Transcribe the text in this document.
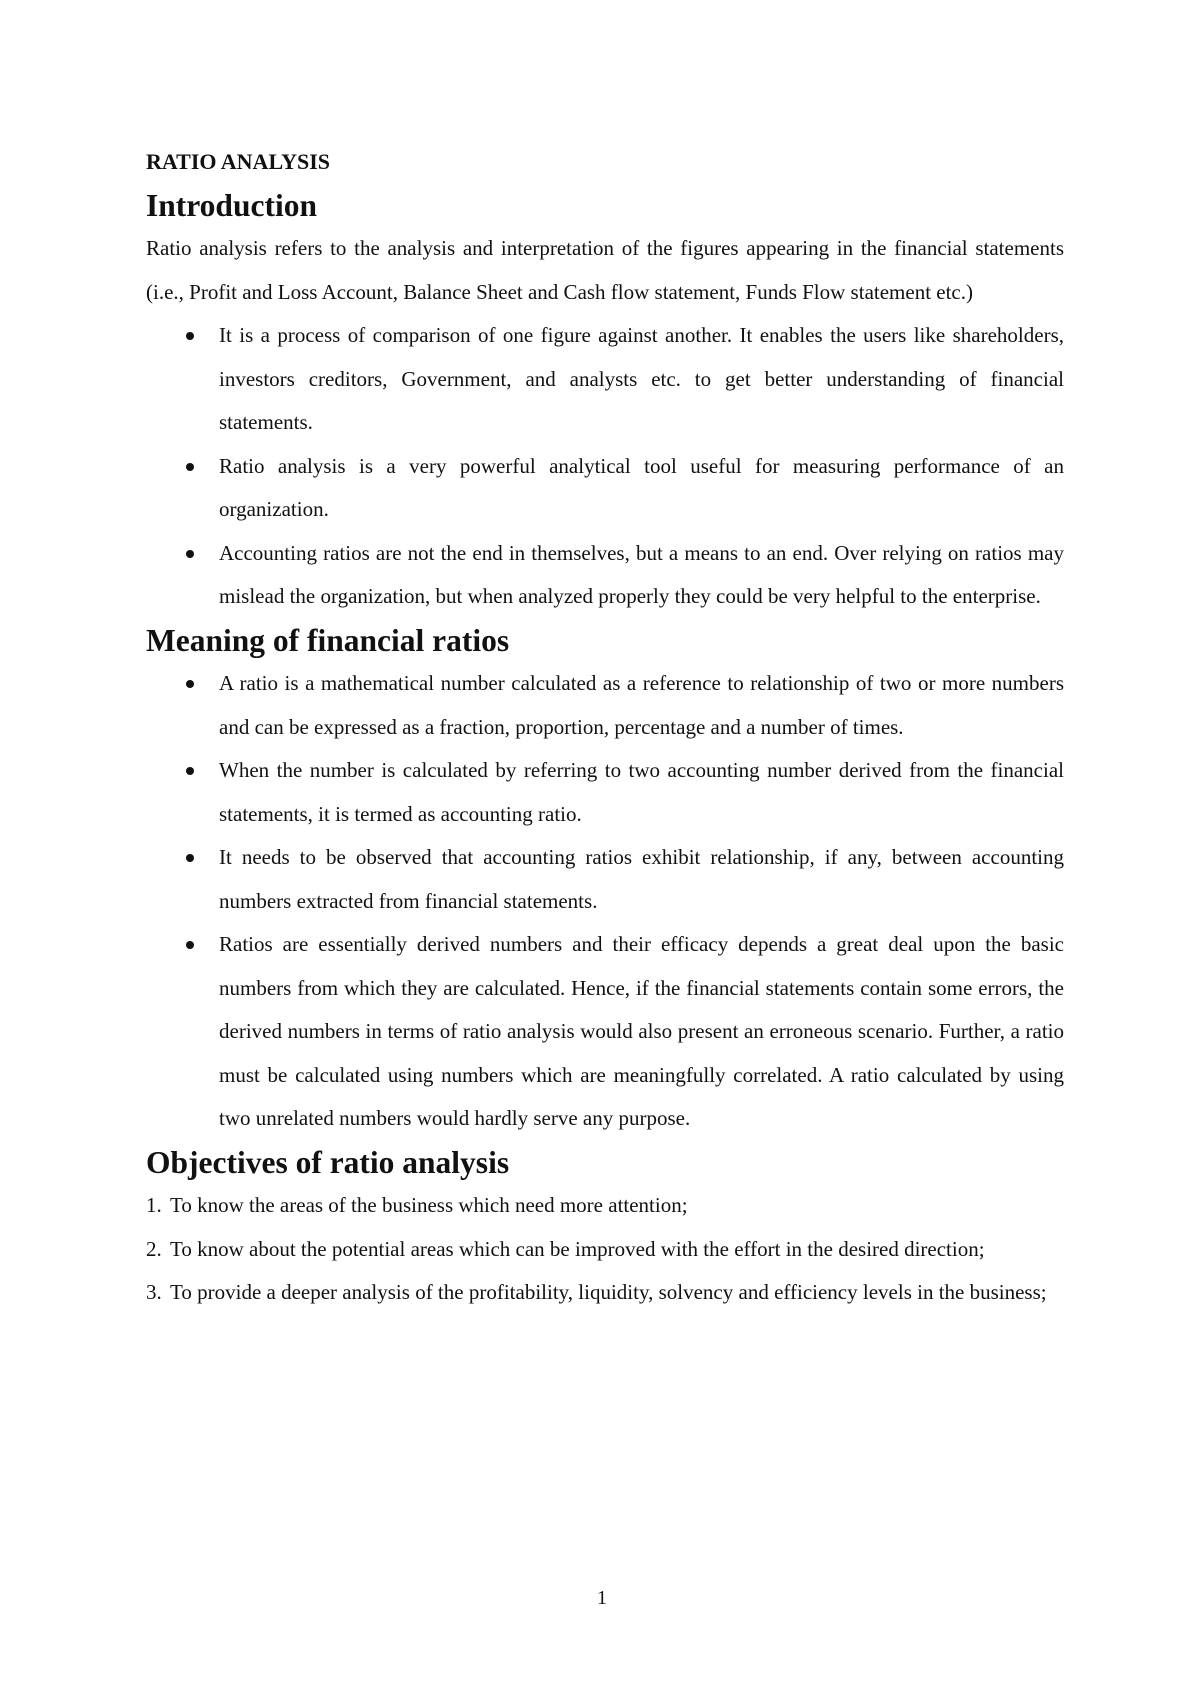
RATIO ANALYSIS
Introduction

Ratio analysis refers to the analysis and interpretation of the figures appearing in the financial statements (i.e., Profit and Loss Account, Balance Sheet and Cash flow statement, Funds Flow statement etc.)

It is a process of comparison of one figure against another. It enables the users like shareholders, investors creditors, Government, and analysts etc. to get better understanding of financial statements.
Ratio analysis is a very powerful analytical tool useful for measuring performance of an organization.
Accounting ratios are not the end in themselves, but a means to an end. Over relying on ratios may mislead the organization, but when analyzed properly they could be very helpful to the enterprise.
Meaning of financial ratios
A ratio is a mathematical number calculated as a reference to relationship of two or more numbers and can be expressed as a fraction, proportion, percentage and a number of times.
When the number is calculated by referring to two accounting number derived from the financial statements, it is termed as accounting ratio.
It needs to be observed that accounting ratios exhibit relationship, if any, between accounting numbers extracted from financial statements.
Ratios are essentially derived numbers and their efficacy depends a great deal upon the basic numbers from which they are calculated. Hence, if the financial statements contain some errors, the derived numbers in terms of ratio analysis would also present an erroneous scenario. Further, a ratio must be calculated using numbers which are meaningfully correlated. A ratio calculated by using two unrelated numbers would hardly serve any purpose.
Objectives of ratio analysis
1. To know the areas of the business which need more attention;
2. To know about the potential areas which can be improved with the effort in the desired direction;
3. To provide a deeper analysis of the profitability, liquidity, solvency and efficiency levels in the business;
1
